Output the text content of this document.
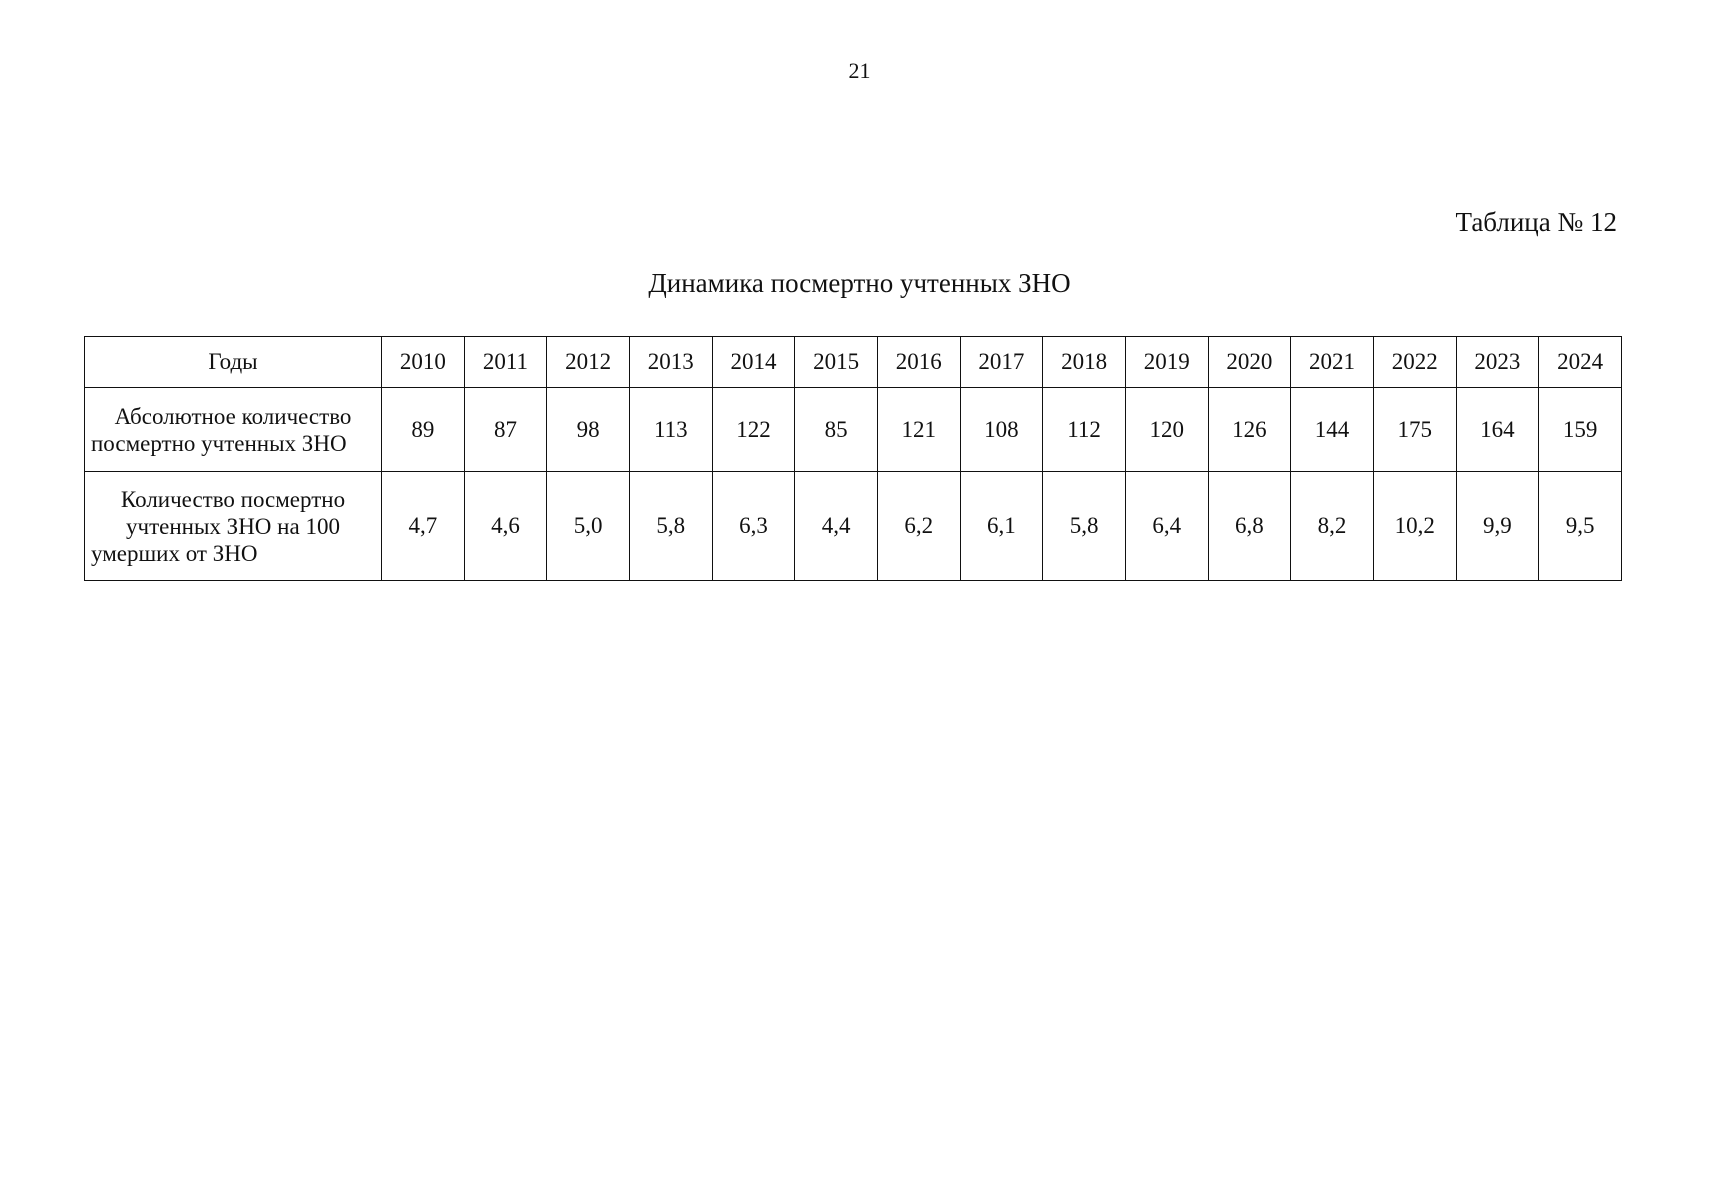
21
Таблица № 12
Динамика посмертно учтенных ЗНО
Годы	2010	2011	2012	2013	2014	2015	2016	2017	2018	2019	2020	2021	2022	2023	2024
Абсолютное количество посмертно учтенных ЗНО	89	87	98	113	122	85	121	108	112	120	126	144	175	164	159
Количество посмертно учтенных ЗНО на 100 умерших от ЗНО	4,7	4,6	5,0	5,8	6,3	4,4	6,2	6,1	5,8	6,4	6,8	8,2	10,2	9,9	9,5
